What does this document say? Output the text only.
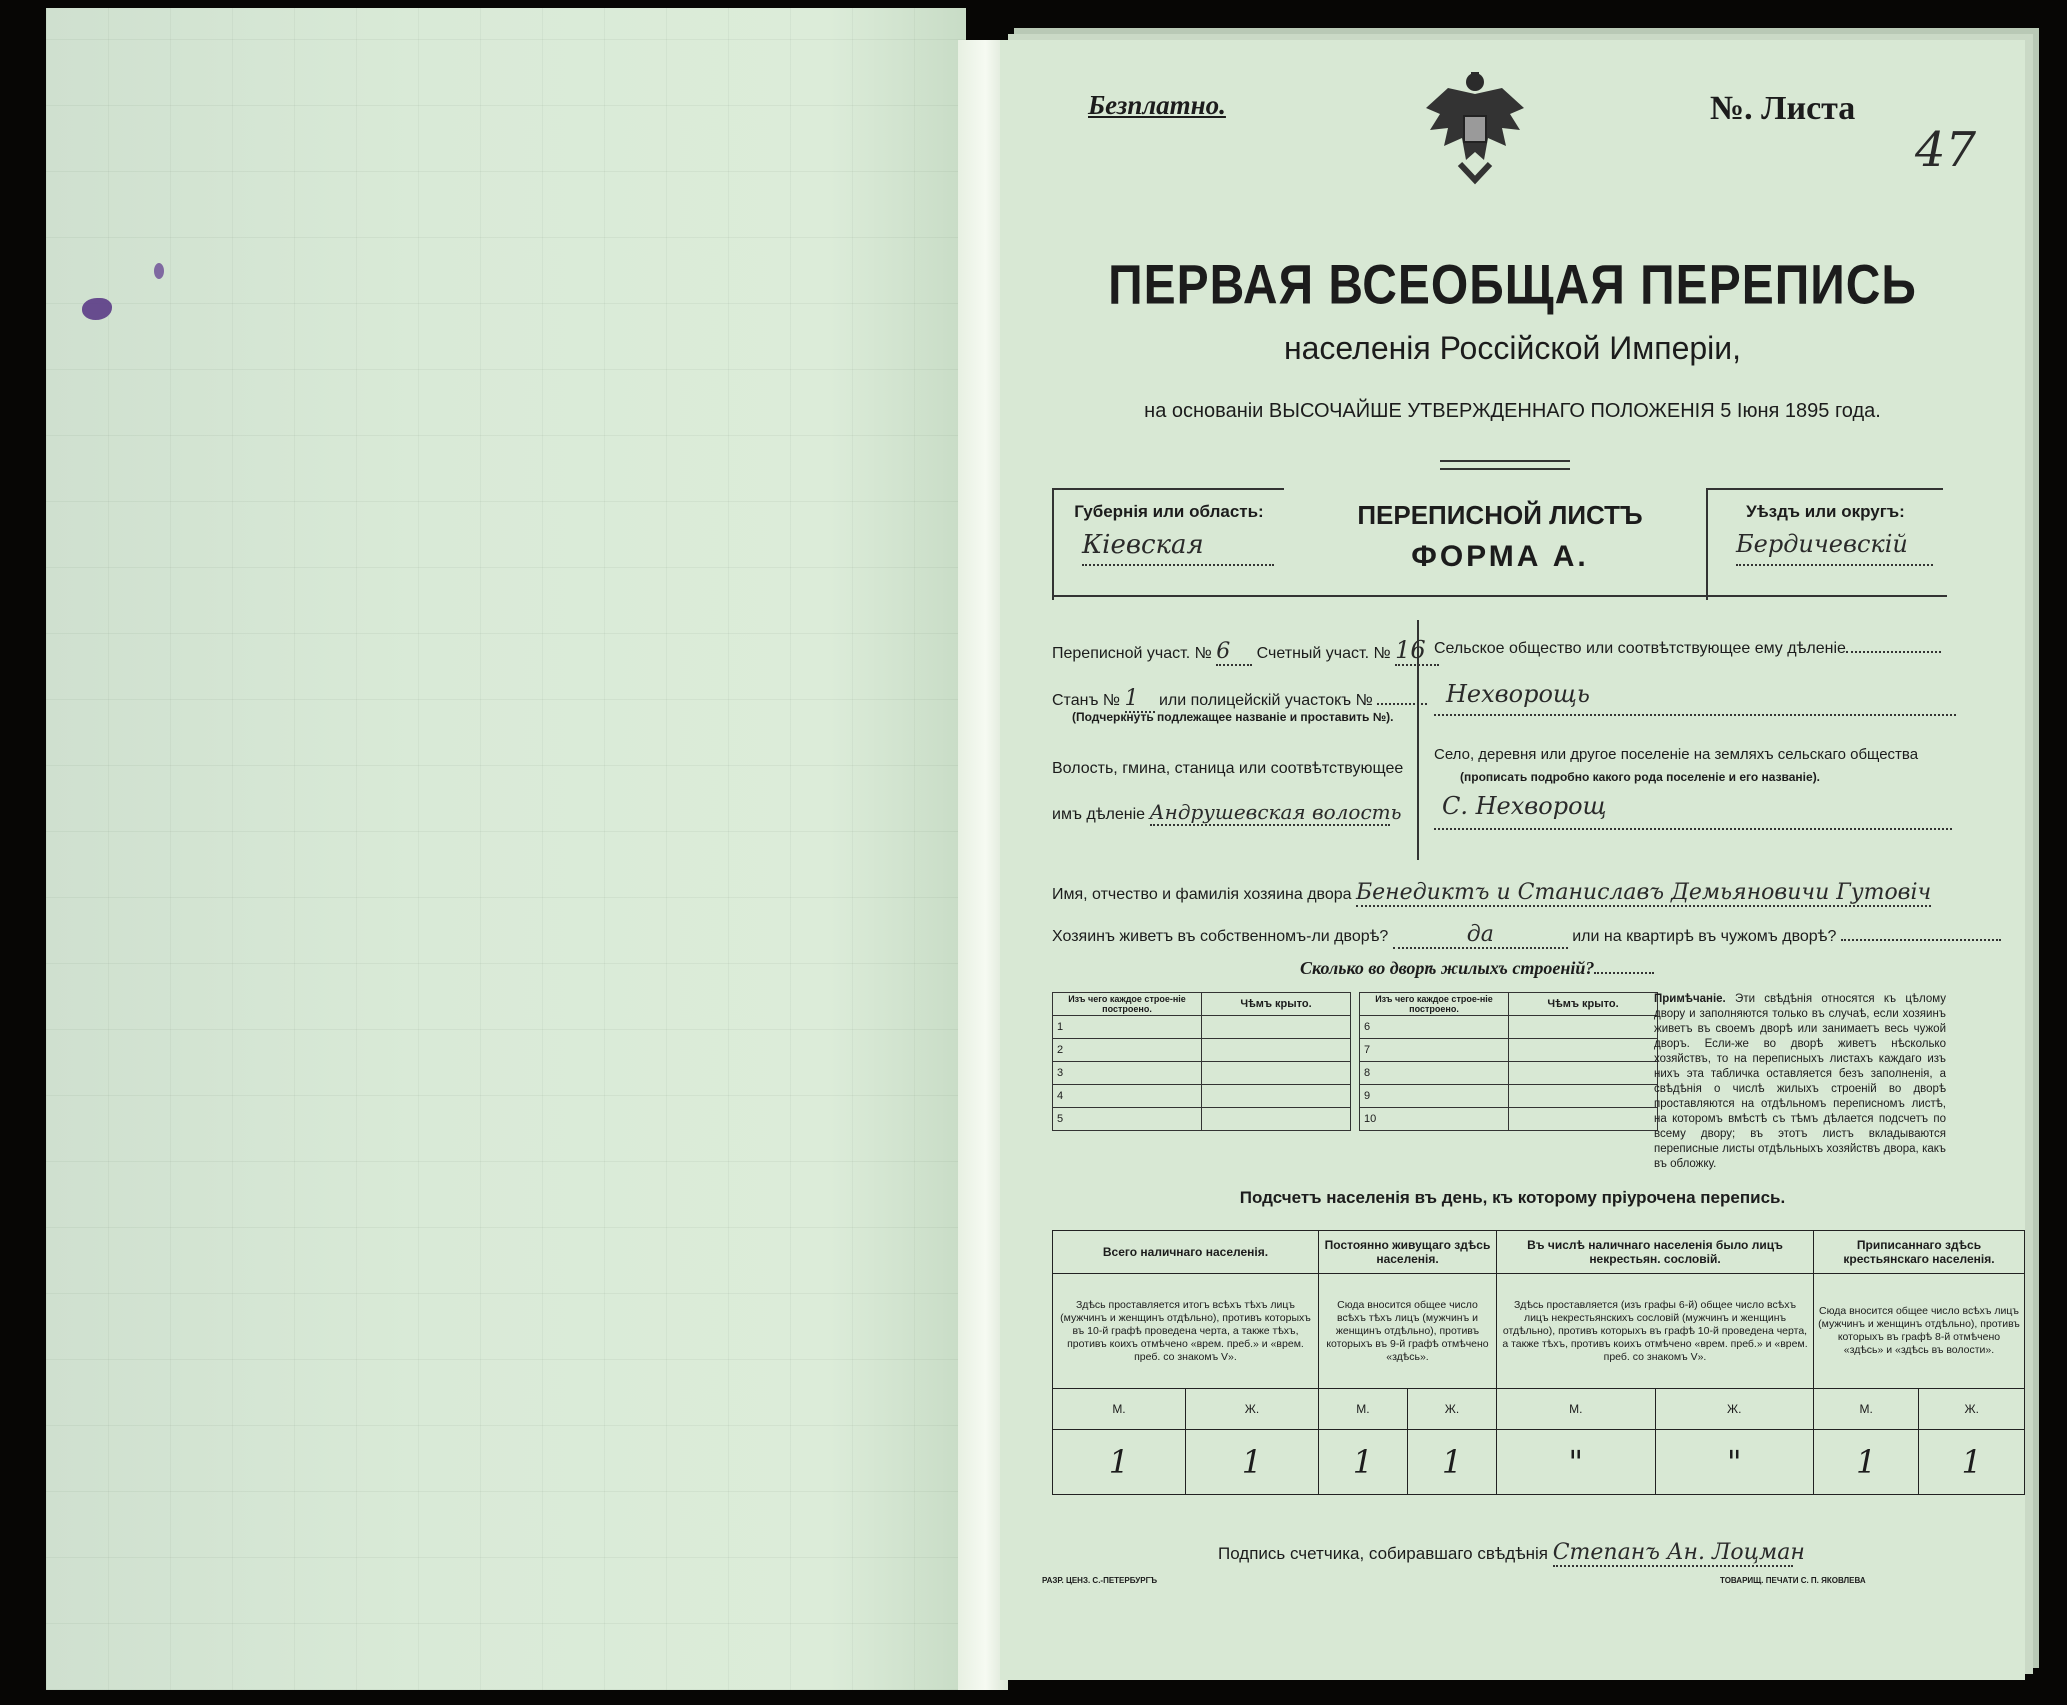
Безплатно.	№. Листа
47
ПЕРВАЯ ВСЕОБЩАЯ ПЕРЕПИСЬ
населенія Россійской Имперіи,
на основаніи ВЫСОЧАЙШЕ УТВЕРЖДЕННАГО ПОЛОЖЕНІЯ 5 Іюня 1895 года.
Губернія или область:
Кіевская
ПЕРЕПИСНОЙ ЛИСТЪ
ФОРМА А.
Уѣздъ или округъ:
Бердичевскій
Переписной участ. № 6 Счетный участ. № 16
Станъ № 1 или полицейскій участокъ №
(Подчеркнуть подлежащее названіе и проставить №).
Волость, гмина, станица или соотвѣтствующее
имъ дѣленіе Андрушевская волость
Сельское общество или соотвѣтствующее ему дѣленіе
Нехворощь
Село, деревня или другое поселеніе на земляхъ сельскаго общества
(прописать подробно какого рода поселеніе и его названіе).
С. Нехворощ
Имя, отчество и фамилія хозяина двора Бенедиктъ и Станиславъ Демьяновичи Гутовіч
Хозяинъ живетъ въ собственномъ-ли дворѣ?	да	или на квартирѣ въ чужомъ дворѣ?
Сколько во дворѣ жилыхъ строеній?
Изъ чего каждое строе-ніе построено.	Чѣмъ крыто.		Изъ чего каждое строе-ніе построено.	Чѣмъ крыто.
1			6	
2			7	
3			8	
4			9	
5			10	
Примѣчаніе. Эти свѣдѣнія относятся къ цѣлому двору и заполняются только въ случаѣ, если хозяинъ живетъ въ своемъ дворѣ или занимаетъ весь чужой дворъ. Если-же во дворѣ живетъ нѣсколько хозяйствъ, то на переписныхъ листахъ каждаго изъ нихъ эта табличка оставляется безъ заполненія, а свѣдѣнія о числѣ жилыхъ строеній во дворѣ проставляются на отдѣльномъ переписномъ листѣ, на которомъ вмѣстѣ съ тѣмъ дѣлается подсчетъ по всему двору; въ этотъ листъ вкладываются переписные листы отдѣльныхъ хозяйствъ двора, какъ въ обложку.
Подсчетъ населенія въ день, къ которому пріурочена перепись.
Всего наличнаго населенія.		Постоянно живущаго здѣсь населенія.		Въ числѣ наличнаго населенія было лицъ некрестьян. сословій.		Приписаннаго здѣсь крестьянскаго населенія.	
Здѣсь проставляется итогъ всѣхъ тѣхъ лицъ (мужчинъ и женщинъ отдѣльно), противъ которыхъ въ 10-й графѣ проведена черта, а также тѣхъ, противъ коихъ отмѣчено «врем. преб.» и «врем. преб. со знакомъ V».		Сюда вносится общее число всѣхъ тѣхъ лицъ (мужчинъ и женщинъ отдѣльно), противъ которыхъ въ 9-й графѣ отмѣчено «здѣсь».		Здѣсь проставляется (изъ графы 6-й) общее число всѣхъ лицъ некрестьянскихъ сословій (мужчинъ и женщинъ отдѣльно), противъ которыхъ въ графѣ 10-й проведена черта, а также тѣхъ, противъ коихъ отмѣчено «врем. преб.» и «врем. преб. со знакомъ V».		Сюда вносится общее число всѣхъ лицъ (мужчинъ и женщинъ отдѣльно), противъ которыхъ въ графѣ 8-й отмѣчено «здѣсь» и «здѣсь въ волости».	
М.	Ж.	М.	Ж.	М.	Ж.	М.	Ж.
1	1	1	1	"	"	1	1
Подпись счетчика, собиравшаго свѣдѣнія Степанъ Ан. Лоцман
РАЗР. ЦЕНЗ. С.-ПЕТЕРБУРГЪ	ТОВАРИЩ. ПЕЧАТИ С. П. ЯКОВЛЕВА
